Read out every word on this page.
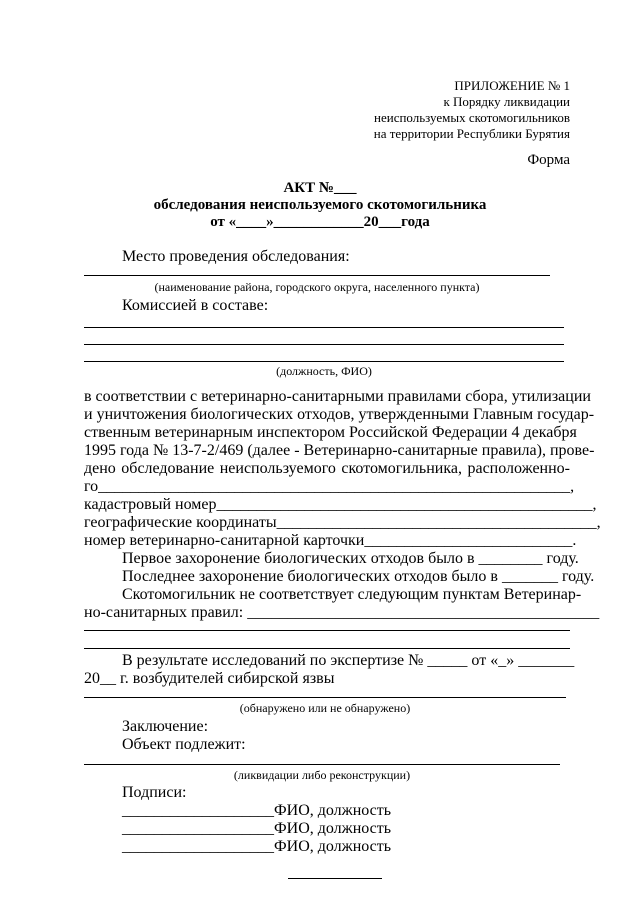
ПРИЛОЖЕНИЕ № 1
к Порядку ликвидации
неиспользуемых скотомогильников
на территории Республики Бурятия
Форма
АКТ №___
обследования неиспользуемого скотомогильника
от «____»____________20___года
Место проведения обследования:
(наименование района, городского округа, населенного пункта)
Комиссией в составе:
(должность, ФИО)
в соответствии с ветеринарно-санитарными правилами сбора, утилизации
и уничтожения биологических отходов, утвержденными Главным государ-
ственным ветеринарным инспектором Российской Федерации 4 декабря
1995 года № 13-7-2/469 (далее - Ветеринарно-санитарные правила), прове-
дено обследование неиспользуемого скотомогильника, расположенно-
го___________________________________________________________,
кадастровый номер_______________________________________________,
географические координаты________________________________________,
номер ветеринарно-санитарной карточки__________________________.
Первое захоронение биологических отходов было в ________ году.
Последнее захоронение биологических отходов было в _______ году.
Скотомогильник не соответствует следующим пунктам Ветеринар-
но-санитарных правил: ____________________________________________
В результате исследований по экспертизе № _____ от «_» _______
20__ г. возбудителей сибирской язвы
(обнаружено или не обнаружено)
Заключение:
Объект подлежит:
(ликвидации либо реконструкции)
Подписи:
___________________ФИО, должность
___________________ФИО, должность
___________________ФИО, должность
